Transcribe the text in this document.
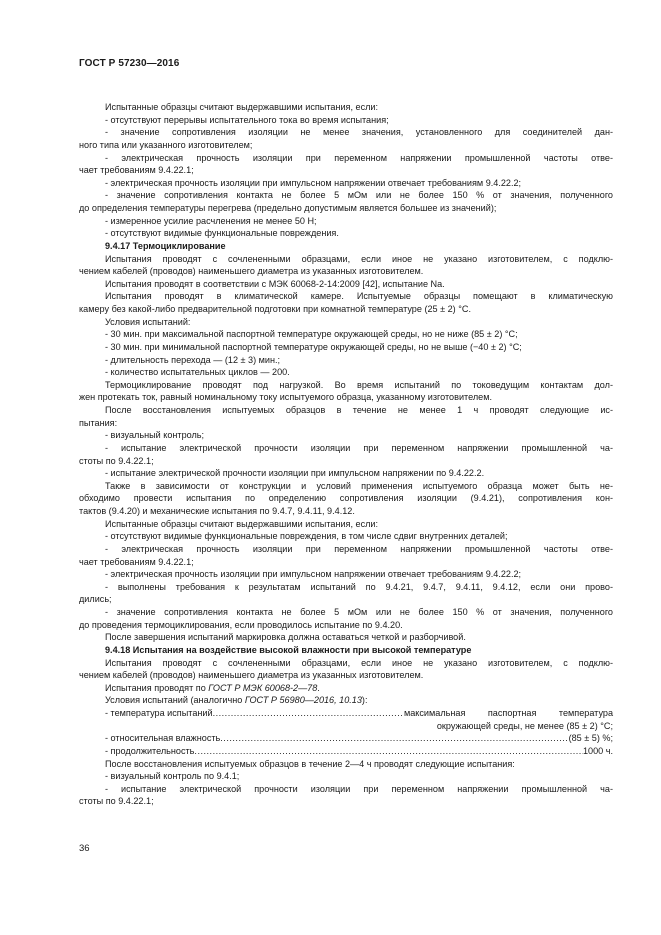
ГОСТ Р 57230—2016

Испытанные образцы считают выдержавшими испытания, если:

- отсутствуют перерывы испытательного тока во время испытания;

- значение сопротивления изоляции не менее значения, установленного для соединителей дан-

ного типа или указанного изготовителем;

- электрическая прочность изоляции при переменном напряжении промышленной частоты отве-

чает требованиям 9.4.22.1;

- электрическая прочность изоляции при импульсном напряжении отвечает требованиям 9.4.22.2;

- значение сопротивления контакта не более 5 мОм или не более 150 % от значения, полученного

до определения температуры перегрева (предельно допустимым является большее из значений);

- измеренное усилие расчленения не менее 50 Н;

- отсутствуют видимые функциональные повреждения.

9.4.17 Термоциклирование

Испытания проводят с сочлененными образцами, если иное не указано изготовителем, с подклю-

чением кабелей (проводов) наименьшего диаметра из указанных изготовителем.

Испытания проводят в соответствии с МЭК 60068-2-14:2009 [42], испытание Na.

Испытания проводят в климатической камере. Испытуемые образцы помещают в климатическую

камеру без какой-либо предварительной подготовки при комнатной температуре (25 ± 2) °С.

Условия испытаний:

- 30 мин. при максимальной паспортной температуре окружающей среды, но не ниже (85 ± 2) °С;

- 30 мин. при минимальной паспортной температуре окружающей среды, но не выше (−40 ± 2) °С;

- длительность перехода — (12 ± 3) мин.;

- количество испытательных циклов — 200.

Термоциклирование проводят под нагрузкой. Во время испытаний по токоведущим контактам дол-

жен протекать ток, равный номинальному току испытуемого образца, указанному изготовителем.

После восстановления испытуемых образцов в течение не менее 1 ч проводят следующие ис-

пытания:

- визуальный контроль;

- испытание электрической прочности изоляции при переменном напряжении промышленной ча-

стоты по 9.4.22.1;

- испытание электрической прочности изоляции при импульсном напряжении по 9.4.22.2.

Также в зависимости от конструкции и условий применения испытуемого образца может быть не-

обходимо провести испытания по определению сопротивления изоляции (9.4.21), сопротивления кон-

тактов (9.4.20) и механические испытания по 9.4.7, 9.4.11, 9.4.12.

Испытанные образцы считают выдержавшими испытания, если:

- отсутствуют видимые функциональные повреждения, в том числе сдвиг внутренних деталей;

- электрическая прочность изоляции при переменном напряжении промышленной частоты отве-

чает требованиям 9.4.22.1;

- электрическая прочность изоляции при импульсном напряжении отвечает требованиям 9.4.22.2;

- выполнены требования к результатам испытаний по 9.4.21, 9.4.7, 9.4.11, 9.4.12, если они прово-

дились;

- значение сопротивления контакта не более 5 мОм или не более 150 % от значения, полученного

до проведения термоциклирования, если проводилось испытание по 9.4.20.

После завершения испытаний маркировка должна оставаться четкой и разборчивой.

9.4.18 Испытания на воздействие высокой влажности при высокой температуре

Испытания проводят с сочлененными образцами, если иное не указано изготовителем, с подклю-

чением кабелей (проводов) наименьшего диаметра из указанных изготовителем.

Испытания проводят по ГОСТ Р МЭК 60068-2—78.

Условия испытаний (аналогично ГОСТ Р 56980—2016, 10.13):

- температура испытаний .....	максимальная паспортная температура

окружающей среды, не менее (85 ± 2) °С;

- относительная влажность .....	(85 ± 5) %;
- продолжительность .....	1000 ч.

После восстановления испытуемых образцов в течение 2—4 ч проводят следующие испытания:

- визуальный контроль по 9.4.1;

- испытание электрической прочности изоляции при переменном напряжении промышленной ча-

стоты по 9.4.22.1;

36
